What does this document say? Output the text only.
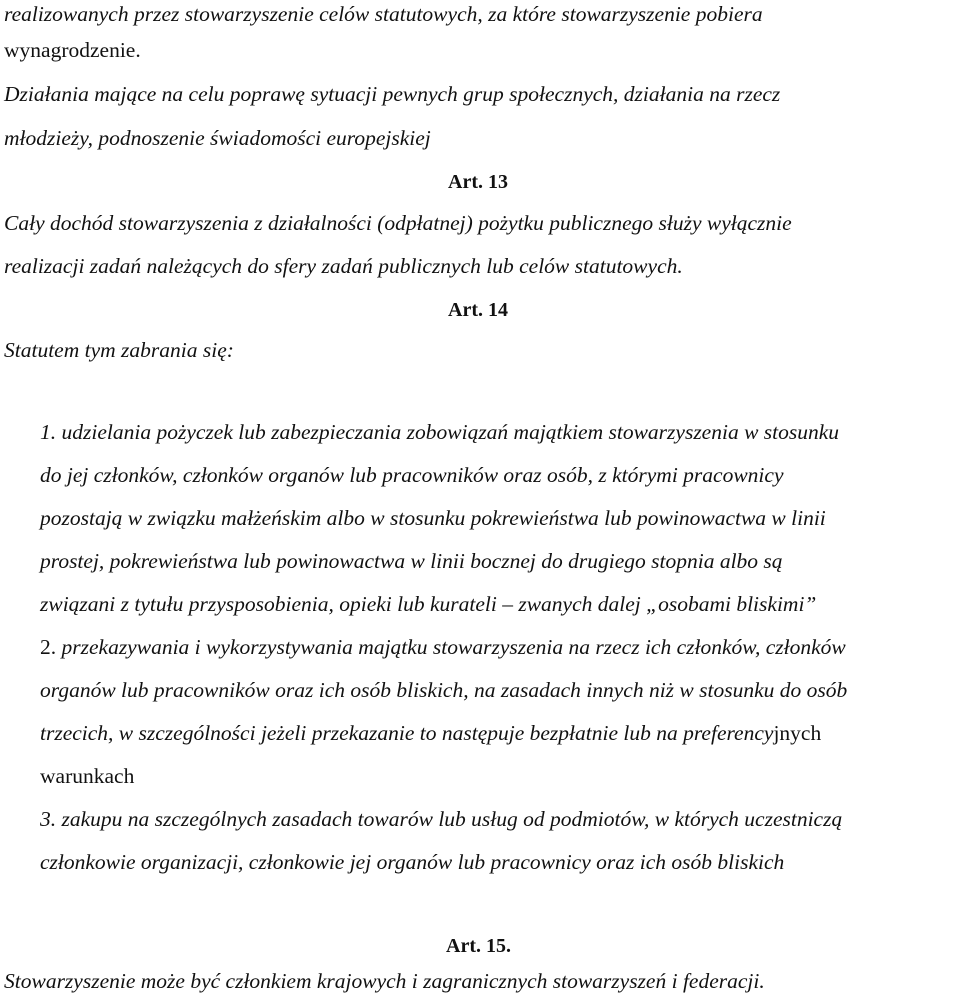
realizowanych przez stowarzyszenie celów statutowych, za które stowarzyszenie pobiera
wynagrodzenie.
Działania mające na celu poprawę sytuacji pewnych grup społecznych, działania na rzecz
młodzieży, podnoszenie świadomości europejskiej
Art. 13
Cały dochód stowarzyszenia z działalności (odpłatnej) pożytku publicznego służy wyłącznie
realizacji zadań należących do sfery zadań publicznych lub celów statutowych.
Art. 14
Statutem tym zabrania się:
1. udzielania pożyczek lub zabezpieczania zobowiązań majątkiem stowarzyszenia w stosunku
do jej członków, członków organów lub pracowników oraz osób, z którymi pracownicy
pozostają w związku małżeńskim albo w stosunku pokrewieństwa lub powinowactwa w linii
prostej, pokrewieństwa lub powinowactwa w linii bocznej do drugiego stopnia albo są
związani z tytułu przysposobienia, opieki lub kurateli – zwanych dalej „osobami bliskimi”
2. przekazywania i wykorzystywania majątku stowarzyszenia na rzecz ich członków, członków
organów lub pracowników oraz ich osób bliskich, na zasadach innych niż w stosunku do osób
trzecich, w szczególności jeżeli przekazanie to następuje bezpłatnie lub na preferencyjnych
warunkach
3. zakupu na szczególnych zasadach towarów lub usług od podmiotów, w których uczestniczą
członkowie organizacji, członkowie jej organów lub pracownicy oraz ich osób bliskich
Art. 15.
Stowarzyszenie może być członkiem krajowych i zagranicznych stowarzyszeń i federacji.
